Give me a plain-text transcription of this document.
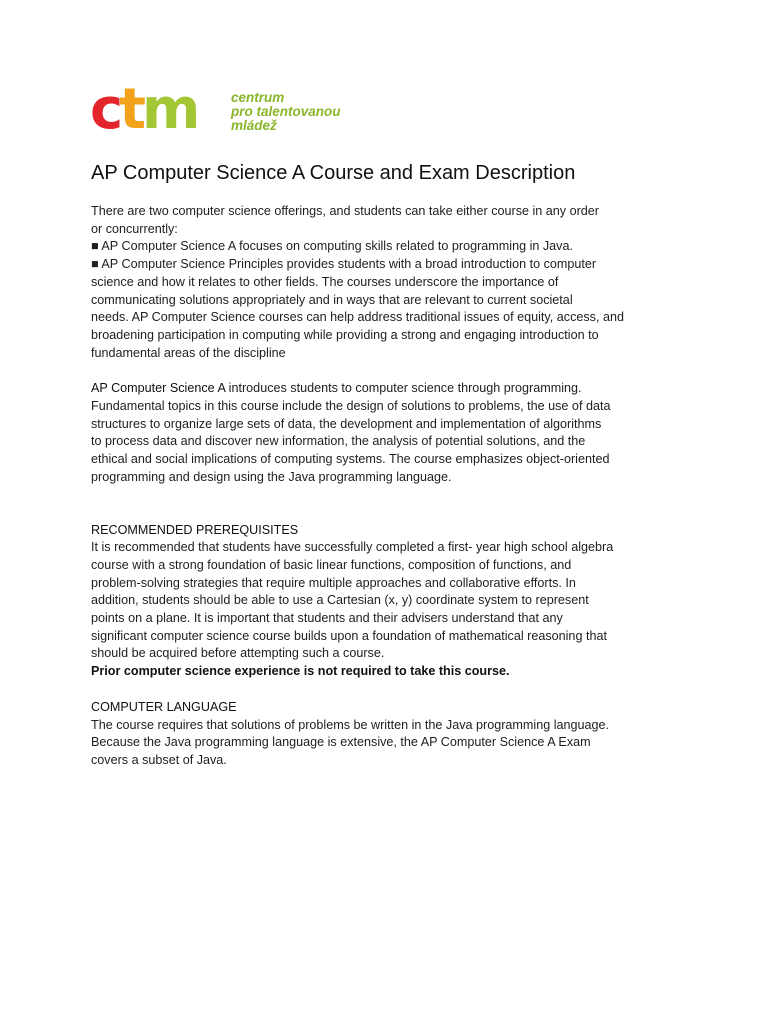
ctm	centrum
pro talentovanou
mládež
AP Computer Science A Course and Exam Description

There are two computer science offerings, and students can take either course in any order

or concurrently:

■ AP Computer Science A focuses on computing skills related to programming in Java.

■ AP Computer Science Principles provides students with a broad introduction to computer

science and how it relates to other fields. The courses underscore the importance of

communicating solutions appropriately and in ways that are relevant to current societal

needs. AP Computer Science courses can help address traditional issues of equity, access, and

broadening participation in computing while providing a strong and engaging introduction to

fundamental areas of the discipline

AP Computer Science A introduces students to computer science through programming.

Fundamental topics in this course include the design of solutions to problems, the use of data

structures to organize large sets of data, the development and implementation of algorithms

to process data and discover new information, the analysis of potential solutions, and the

ethical and social implications of computing systems. The course emphasizes object-oriented

programming and design using the Java programming language.

RECOMMENDED PREREQUISITES

It is recommended that students have successfully completed a first- year high school algebra

course with a strong foundation of basic linear functions, composition of functions, and

problem-solving strategies that require multiple approaches and collaborative efforts. In

addition, students should be able to use a Cartesian (x, y) coordinate system to represent

points on a plane. It is important that students and their advisers understand that any

significant computer science course builds upon a foundation of mathematical reasoning that

should be acquired before attempting such a course.

Prior computer science experience is not required to take this course.

COMPUTER LANGUAGE

The course requires that solutions of problems be written in the Java programming language.

Because the Java programming language is extensive, the AP Computer Science A Exam

covers a subset of Java.
